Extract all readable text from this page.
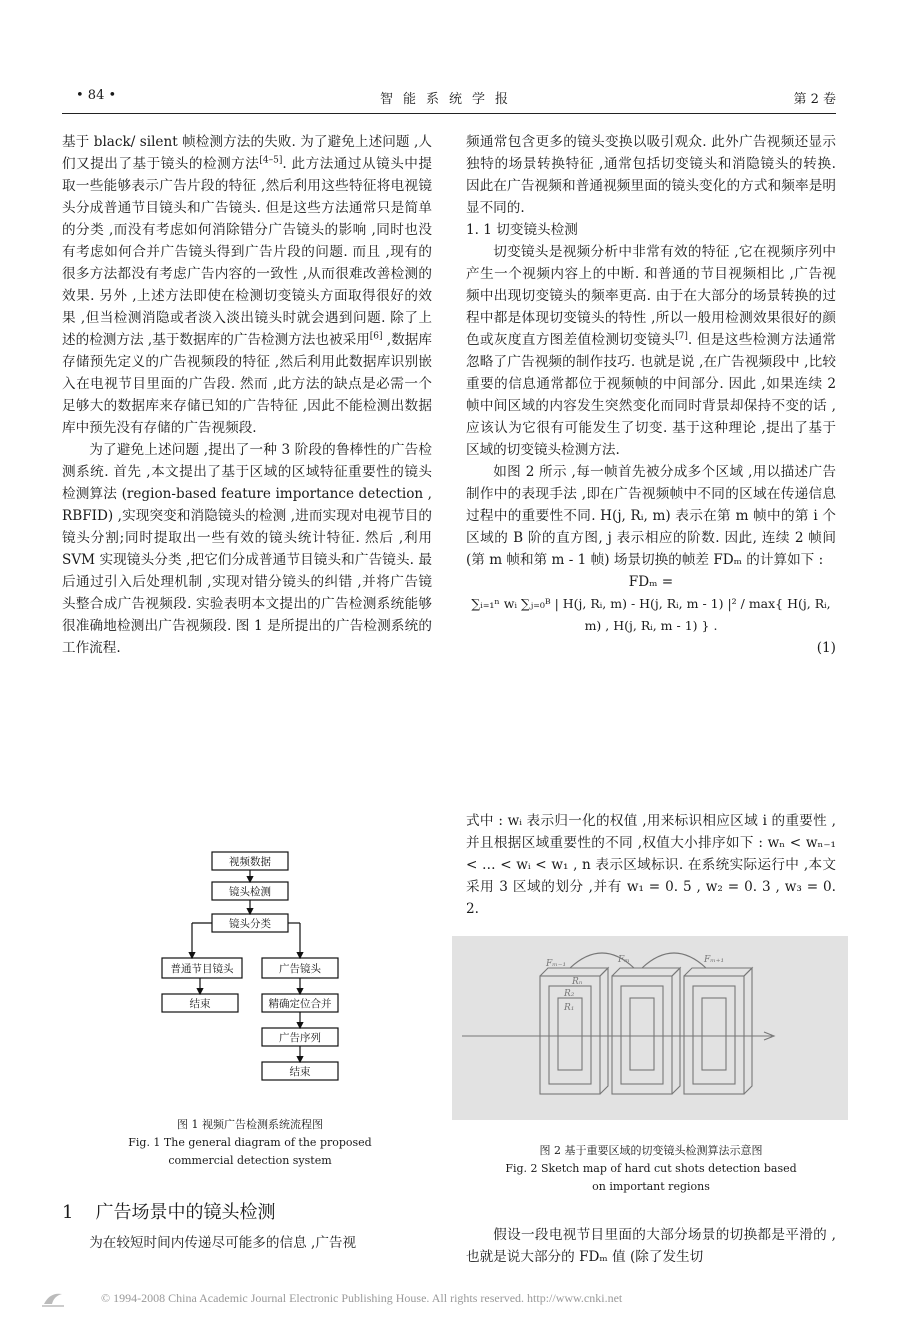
• 84 •	智能系统学报	第 2 卷

基于 black/ silent 帧检测方法的失败. 为了避免上述问题 ,人们又提出了基于镜头的检测方法[4–5]. 此方法通过从镜头中提取一些能够表示广告片段的特征 ,然后利用这些特征将电视镜头分成普通节目镜头和广告镜头. 但是这些方法通常只是简单的分类 ,而没有考虑如何消除错分广告镜头的影响 ,同时也没有考虑如何合并广告镜头得到广告片段的问题. 而且 ,现有的很多方法都没有考虑广告内容的一致性 ,从而很难改善检测的效果. 另外 ,上述方法即使在检测切变镜头方面取得很好的效果 ,但当检测消隐或者淡入淡出镜头时就会遇到问题. 除了上述的检测方法 ,基于数据库的广告检测方法也被采用[6] ,数据库存储预先定义的广告视频段的特征 ,然后利用此数据库识别嵌入在电视节目里面的广告段. 然而 ,此方法的缺点是必需一个足够大的数据库来存储已知的广告特征 ,因此不能检测出数据库中预先没有存储的广告视频段.

为了避免上述问题 ,提出了一种 3 阶段的鲁棒性的广告检测系统. 首先 ,本文提出了基于区域的区域特征重要性的镜头检测算法 (region-based feature importance detection , RBFID) ,实现突变和消隐镜头的检测 ,进而实现对电视节目的镜头分割;同时提取出一些有效的镜头统计特征. 然后 ,利用 SVM 实现镜头分类 ,把它们分成普通节目镜头和广告镜头. 最后通过引入后处理机制 ,实现对错分镜头的纠错 ,并将广告镜头整合成广告视频段. 实验表明本文提出的广告检测系统能够很准确地检测出广告视频段. 图 1 是所提出的广告检测系统的工作流程.

视频数据
镜头检测
镜头分类
普通节目镜头	广告镜头
结束	精确定位合并
广告序列
结束
图 1 视频广告检测系统流程图
Fig. 1 The general diagram of the proposed
commercial detection system
1 广告场景中的镜头检测

为在较短时间内传递尽可能多的信息 ,广告视

频通常包含更多的镜头变换以吸引观众. 此外广告视频还显示独特的场景转换特征 ,通常包括切变镜头和消隐镜头的转换. 因此在广告视频和普通视频里面的镜头变化的方式和频率是明显不同的.

1. 1 切变镜头检测

切变镜头是视频分析中非常有效的特征 ,它在视频序列中产生一个视频内容上的中断. 和普通的节目视频相比 ,广告视频中出现切变镜头的频率更高. 由于在大部分的场景转换的过程中都是体现切变镜头的特性 ,所以一般用检测效果很好的颜色或灰度直方图差值检测切变镜头[7]. 但是这些检测方法通常忽略了广告视频的制作技巧. 也就是说 ,在广告视频段中 ,比较重要的信息通常都位于视频帧的中间部分. 因此 ,如果连续 2 帧中间区域的内容发生突然变化而同时背景却保持不变的话 ,应该认为它很有可能发生了切变. 基于这种理论 ,提出了基于区域的切变镜头检测方法.

如图 2 所示 ,每一帧首先被分成多个区域 ,用以描述广告制作中的表现手法 ,即在广告视频帧中不同的区域在传递信息过程中的重要性不同. H(j, Rᵢ, m) 表示在第 m 帧中的第 i 个区域的 B 阶的直方图, j 表示相应的阶数. 因此, 连续 2 帧间 (第 m 帧和第 m - 1 帧) 场景切换的帧差 FDₘ 的计算如下 :

FDₘ =

∑ᵢ₌₁ⁿ wᵢ ∑ⱼ₌₀ᴮ | H(j, Rᵢ, m) - H(j, Rᵢ, m - 1) |² / max{ H(j, Rᵢ, m) , H(j, Rᵢ, m - 1) } .

(1)

式中 : wᵢ 表示归一化的权值 ,用来标识相应区域 i 的重要性 ,并且根据区域重要性的不同 ,权值大小排序如下 : wₙ < wₙ₋₁ < … < wᵢ < w₁ , n 表示区域标识. 在系统实际运行中 ,本文采用 3 区域的划分 ,并有 w₁ = 0. 5 , w₂ = 0. 3 , w₃ = 0. 2.

Fₘ₋₁	Fₘ	Fₘ₊₁
Rₙ
R₂
R₁
图 2 基于重要区域的切变镜头检测算法示意图
Fig. 2 Sketch map of hard cut shots detection based
on important regions

假设一段电视节目里面的大部分场景的切换都是平滑的 ,也就是说大部分的 FDₘ 值 (除了发生切

© 1994-2008 China Academic Journal Electronic Publishing House. All rights reserved. http://www.cnki.net
